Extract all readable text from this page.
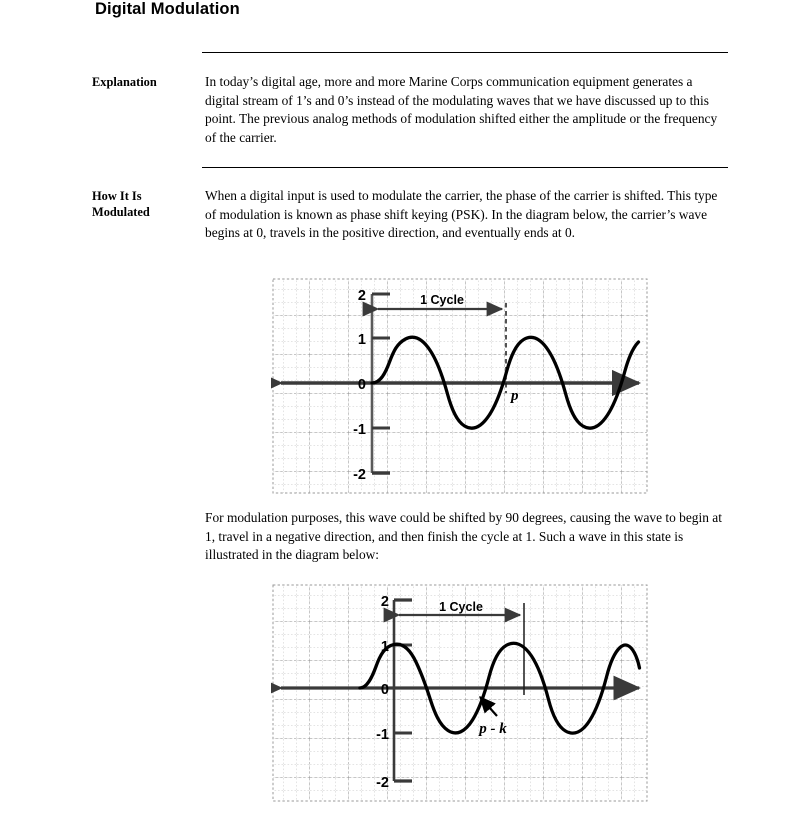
Digital Modulation
Explanation	In today’s digital age, more and more Marine Corps communication equipment generates a digital stream of 1’s and 0’s instead of the modulating waves that we have discussed up to this point. The previous analog methods of modulation shifted either the amplitude or the frequency of the carrier.
How It Is
Modulated
When a digital input is used to modulate the carrier, the phase of the carrier is shifted. This type of modulation is known as phase shift keying (PSK). In the diagram below, the carrier’s wave begins at 0, travels in the positive direction, and eventually ends at 0.
2
1
0
-1
-2
1 Cycle
p
For modulation purposes, this wave could be shifted by 90 degrees, causing the wave to begin at 1, travel in a negative direction, and then finish the cycle at 1. Such a wave in this state is illustrated in the diagram below:
2
1
0
-1
-2
1 Cycle
p - k
